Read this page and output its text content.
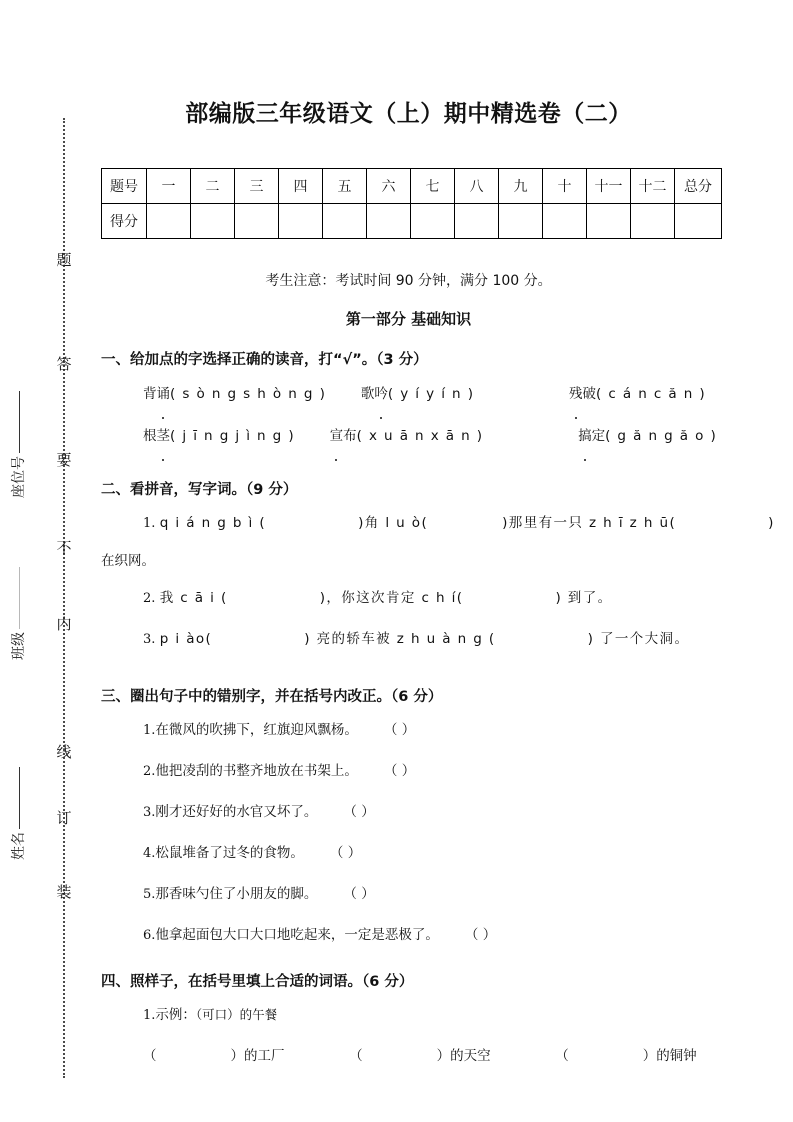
题
答
要
不
内
线
订
装
座位号
班级
姓名
部编版三年级语文（上）期中精选卷（二）
题号	一	二	三	四	五	六	七	八	九	十	十一	十二	总分
得分													
考生注意：考试时间 90 分钟，满分 100 分。
第一部分 基础知识
一、给加点的字选择正确的读音，打“√”。（3 分）
背诵( s ò n g s h ò n g )	歌吟( y í y í n )	残破( c á n c ă n )
根茎( j ī n g j ì n g )	宣布( x u ā n x ā n )	搞定( g ă n g ă o )
二、看拼音，写字词。（9 分）
1. q i á n g b ì (	)角 l u ò(	)那里有一只 z h ī z h ū(	)
在织网。
2. 我 c ā i (	)，你这次肯定 c h í(	) 到了。
3. p i ào(	) 亮的轿车被 z h u à n g (	) 了一个大洞。
三、圈出句子中的错别字，并在括号内改正。（6 分）
1.在微风的吹拂下，红旗迎风飘杨。 （ ）
2.他把凌刮的书整齐地放在书架上。 （ ）
3.刚才还好好的水官又坏了。 （ ）
4.松鼠堆备了过冬的食物。 （ ）
5.那香味勺住了小朋友的脚。 （ ）
6.他拿起面包大口大口地吃起来，一定是恶极了。 （ ）
四、照样子，在括号里填上合适的词语。（6 分）
1.示例：（可口）的午餐
（	）的工厂	（	）的天空	（	）的铜钟
